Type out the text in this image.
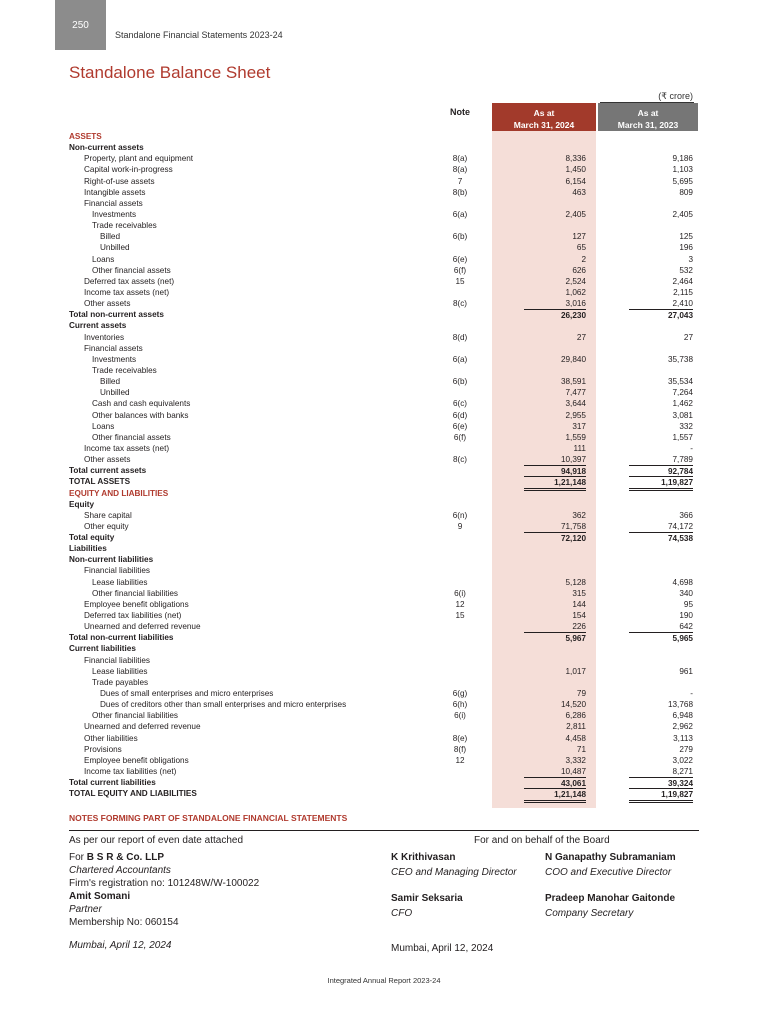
250
Standalone Financial Statements 2023-24
Standalone Balance Sheet
(₹ crore)
Note	As at
March 31, 2024
As at
March 31, 2023
ASSETS
Non-current assets
Property, plant and equipment	8(a)	8,336	9,186
Capital work-in-progress	8(a)	1,450	1,103
Right-of-use assets	7	6,154	5,695
Intangible assets	8(b)	463	809
Financial assets
Investments	6(a)	2,405	2,405
Trade receivables
Billed	6(b)	127	125
Unbilled	65	196
Loans	6(e)	2	3
Other financial assets	6(f)	626	532
Deferred tax assets (net)	15	2,524	2,464
Income tax assets (net)	1,062	2,115
Other assets	8(c)	3,016	2,410
Total non-current assets	26,230	27,043
Current assets
Inventories	8(d)	27	27
Financial assets
Investments	6(a)	29,840	35,738
Trade receivables
Billed	6(b)	38,591	35,534
Unbilled	7,477	7,264
Cash and cash equivalents	6(c)	3,644	1,462
Other balances with banks	6(d)	2,955	3,081
Loans	6(e)	317	332
Other financial assets	6(f)	1,559	1,557
Income tax assets (net)	111	-
Other assets	8(c)	10,397	7,789
Total current assets	94,918	92,784
TOTAL ASSETS	1,21,148	1,19,827
EQUITY AND LIABILITIES
Equity
Share capital	6(n)	362	366
Other equity	9	71,758	74,172
Total equity	72,120	74,538
Liabilities
Non-current liabilities
Financial liabilities
Lease liabilities	5,128	4,698
Other financial liabilities	6(i)	315	340
Employee benefit obligations	12	144	95
Deferred tax liabilities (net)	15	154	190
Unearned and deferred revenue	226	642
Total non-current liabilities	5,967	5,965
Current liabilities
Financial liabilities
Lease liabilities	1,017	961
Trade payables
Dues of small enterprises and micro enterprises	6(g)	79	-
Dues of creditors other than small enterprises and micro enterprises	6(h)	14,520	13,768
Other financial liabilities	6(i)	6,286	6,948
Unearned and deferred revenue	2,811	2,962
Other liabilities	8(e)	4,458	3,113
Provisions	8(f)	71	279
Employee benefit obligations	12	3,332	3,022
Income tax liabilities (net)	10,487	8,271
Total current liabilities	43,061	39,324
TOTAL EQUITY AND LIABILITIES	1,21,148	1,19,827
NOTES FORMING PART OF STANDALONE FINANCIAL STATEMENTS
As per our report of even date attached
For B S R & Co. LLP
Chartered Accountants
Firm's registration no: 101248W/W-100022
Amit Somani
Partner
Membership No: 060154
Mumbai, April 12, 2024
For and on behalf of the Board
K Krithivasan
CEO and Managing Director
N Ganapathy Subramaniam
COO and Executive Director
Samir Seksaria
CFO
Pradeep Manohar Gaitonde
Company Secretary
Mumbai, April 12, 2024
Integrated Annual Report 2023-24
